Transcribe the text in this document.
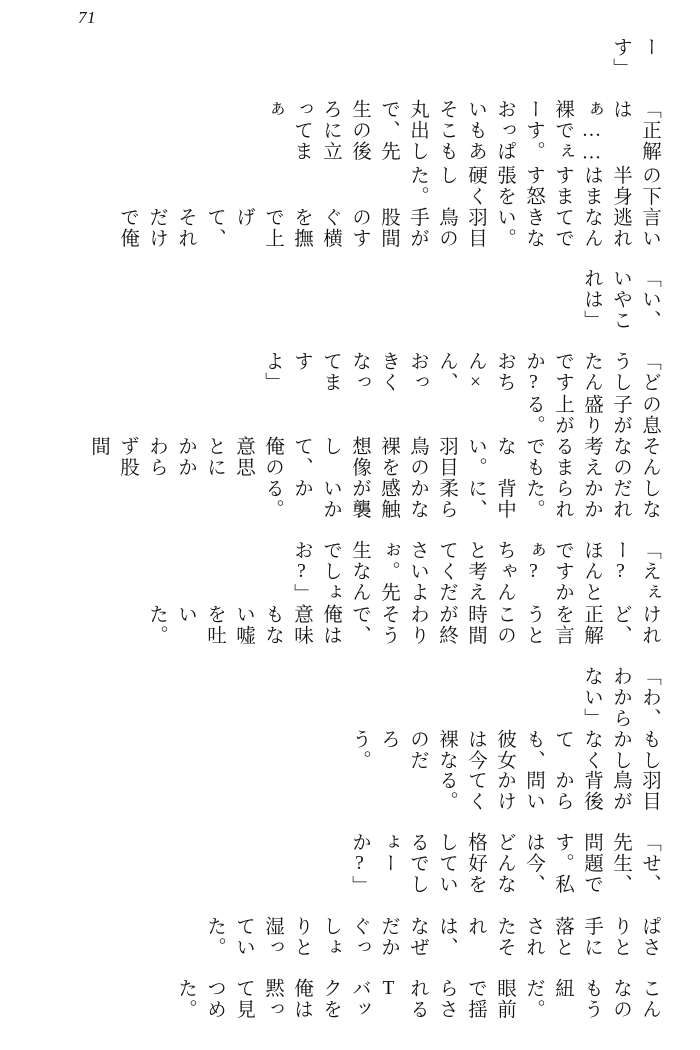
71
こんなのもう紐だ。眼前で揺らされるTバックを俺は黙って見つめた。
ぱさりと手に落とされたそれは、なぜだかぐっしょりと湿っていた。
「せ、先生、問題です。私は今、どんな格好をしているでしょーか?」
羽目鳥が背後から問いかけてくる。
もしかしなくても、彼女は今裸なのだろう。
「わ、わからない」
けれど、正解を言うとこの時間が終わりそうで、俺は意味もない嘘を吐いた。
「えぇー? ほんとですかぁ? ちゃんと考えてくださいよぉ。先生なんでしょお?」
しなだれかかられた。背中に、柔らかな感触が襲いかかる。
そんなの考えるまでもない。羽目鳥の裸を想像して、俺の意思とにかかわらず股間
の息子が盛り上がる。
「どうしたんですか? おちん×ん、おっきくなってますよ」
「い、いやこれは」
言い逃れなんてできない。羽目鳥の手が股間のすぐ横を撫で上げて、それだけで俺
の下半身はますます怒張を硬くした。
「正解はぁ……裸でぇーす。おっぱいもあそこも丸出しで、先生の後ろに立ってまぁ
ーす」
